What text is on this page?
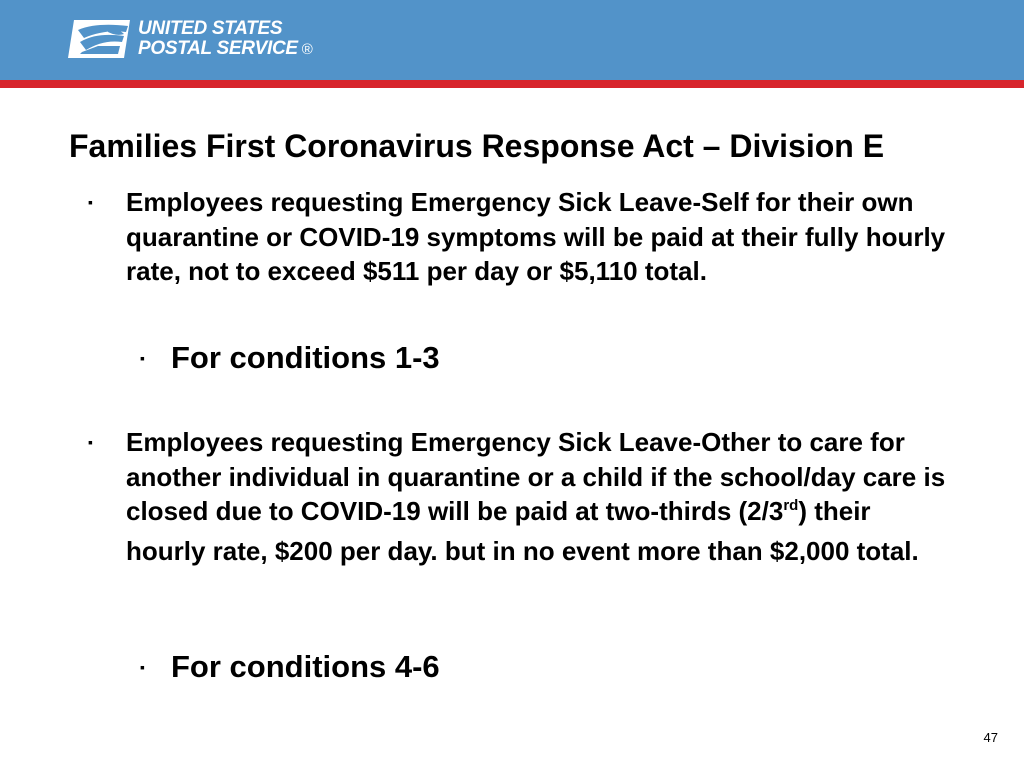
UNITED STATES
POSTAL SERVICE ®
Families First Coronavirus Response Act – Division E
▪	Employees requesting Emergency Sick Leave-Self for their own quarantine or COVID-19 symptoms will be paid at their fully hourly rate, not to exceed $511 per day or $5,110 total.
▪ For conditions 1-3
▪	Employees requesting Emergency Sick Leave-Other to care for another individual in quarantine or a child if the school/day care is closed due to COVID-19 will be paid at two-thirds (2/3rd) their hourly rate, $200 per day. but in no event more than $2,000 total.
▪ For conditions 4-6
47
